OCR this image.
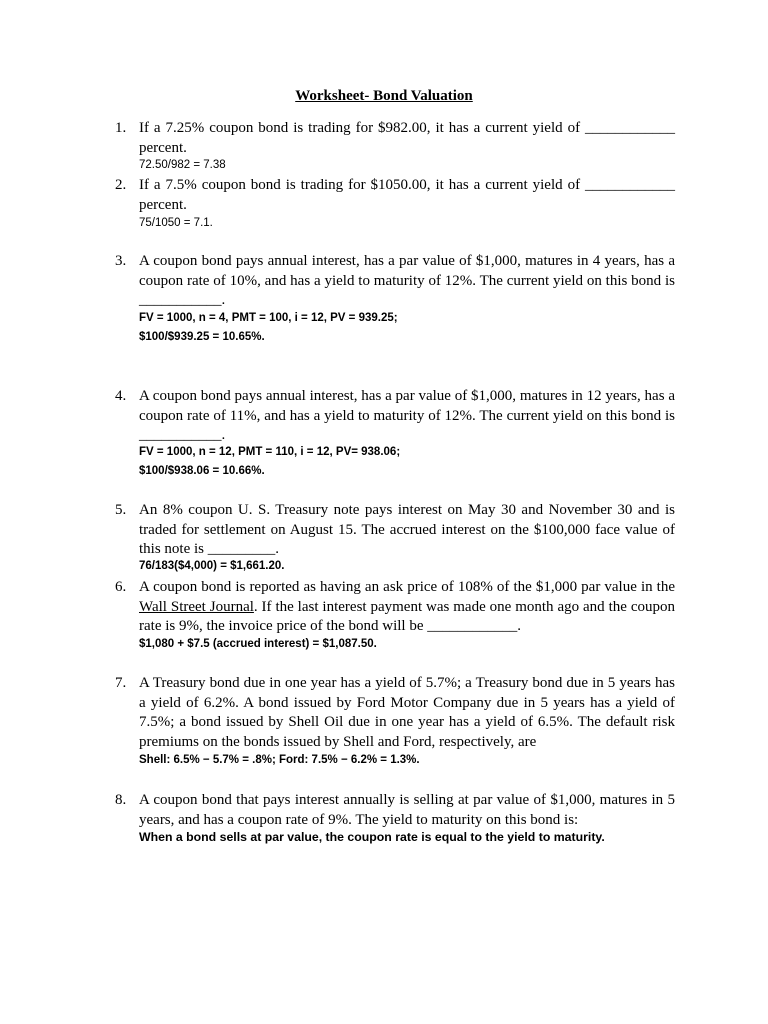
Worksheet- Bond Valuation
1. If a 7.25% coupon bond is trading for $982.00, it has a current yield of ____________ percent.

72.50/982 = 7.38

2. If a 7.5% coupon bond is trading for $1050.00, it has a current yield of ____________ percent.

75/1050 = 7.1.

3. A coupon bond pays annual interest, has a par value of $1,000, matures in 4 years, has a coupon rate of 10%, and has a yield to maturity of 12%. The current yield on this bond is ___________.

FV = 1000, n = 4, PMT = 100, i = 12, PV = 939.25;

$100/$939.25 = 10.65%.

4. A coupon bond pays annual interest, has a par value of $1,000, matures in 12 years, has a coupon rate of 11%, and has a yield to maturity of 12%. The current yield on this bond is ___________.

FV = 1000, n = 12, PMT = 110, i = 12, PV= 938.06;

$100/$938.06 = 10.66%.

5. An 8% coupon U. S. Treasury note pays interest on May 30 and November 30 and is traded for settlement on August 15. The accrued interest on the $100,000 face value of this note is _________.

76/183($4,000) = $1,661.20.

6. A coupon bond is reported as having an ask price of 108% of the $1,000 par value in the Wall Street Journal. If the last interest payment was made one month ago and the coupon rate is 9%, the invoice price of the bond will be ____________.

$1,080 + $7.5 (accrued interest) = $1,087.50.

7. A Treasury bond due in one year has a yield of 5.7%; a Treasury bond due in 5 years has a yield of 6.2%. A bond issued by Ford Motor Company due in 5 years has a yield of 7.5%; a bond issued by Shell Oil due in one year has a yield of 6.5%. The default risk premiums on the bonds issued by Shell and Ford, respectively, are

Shell: 6.5% − 5.7% = .8%; Ford: 7.5% − 6.2% = 1.3%.

8. A coupon bond that pays interest annually is selling at par value of $1,000, matures in 5 years, and has a coupon rate of 9%. The yield to maturity on this bond is:

When a bond sells at par value, the coupon rate is equal to the yield to maturity.
